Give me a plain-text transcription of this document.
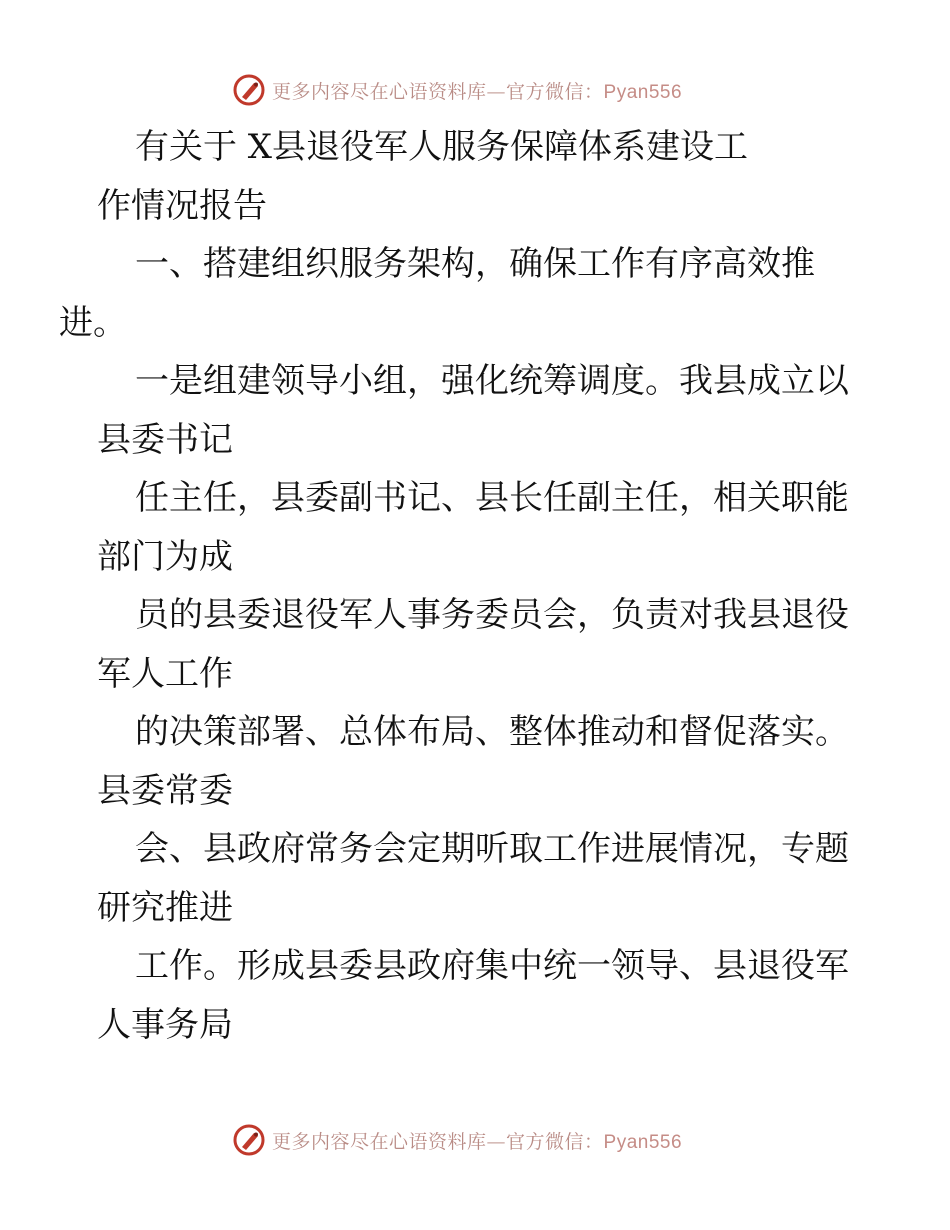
更多内容尽在心语资料库—官方微信：Pyan556

有关于 X县退役军人服务保障体系建设工
作情况报告

一、搭建组织服务架构，确保工作有序高效推
进。

一是组建领导小组，强化统筹调度。我县成立以
县委书记

任主任，县委副书记、县长任副主任，相关职能
部门为成

员的县委退役军人事务委员会，负责对我县退役
军人工作

的决策部署、总体布局、整体推动和督促落实。
县委常委

会、县政府常务会定期听取工作进展情况，专题
研究推进

工作。形成县委县政府集中统一领导、县退役军
人事务局

更多内容尽在心语资料库—官方微信：Pyan556
